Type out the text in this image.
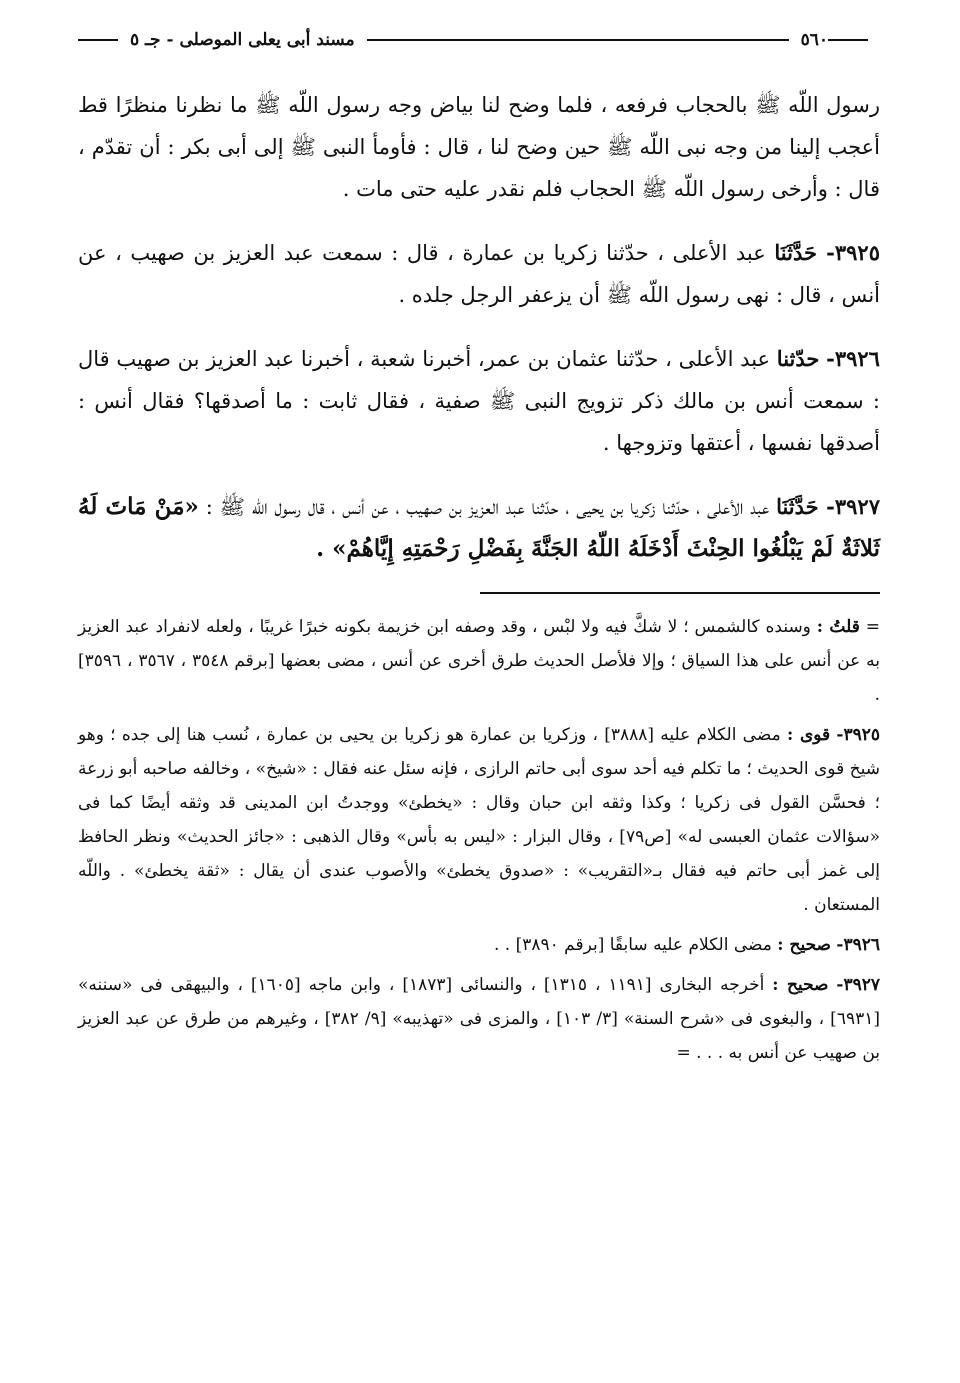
٥٦٠
مسند أبى يعلى الموصلى - جـ ٥

رسول اللّه ﷺ بالحجاب فرفعه ، فلما وضح لنا بياض وجه رسول اللّه ﷺ ما نظرنا منظرًا قط أعجب إلينا من وجه نبى اللّه ﷺ حين وضح لنا ، قال : فأومأ النبى ﷺ إلى أبى بكر : أن تقدّم ، قال : وأرخى رسول اللّه ﷺ الحجاب فلم نقدر عليه حتى مات .

٣٩٢٥- حَدَّثَنَا عبد الأعلى ، حدّثنا زكريا بن عمارة ، قال : سمعت عبد العزيز بن صهيب ، عن أنس ، قال : نهى رسول اللّه ﷺ أن يزعفر الرجل جلده .

٣٩٢٦- حدّثنا عبد الأعلى ، حدّثنا عثمان بن عمر، أخبرنا شعبة ، أخبرنا عبد العزيز بن صهيب قال : سمعت أنس بن مالك ذكر تزويج النبى ﷺ صفية ، فقال ثابت : ما أصدقها؟ فقال أنس : أصدقها نفسها ، أعتقها وتزوجها .

٣٩٢٧- حَدَّثَنَا عبد الأعلى ، حدّثنا زكريا بن يحيى ، حدّثنا عبد العزيز بن صهيب ، عن أنس ، قال رسول اللّه ﷺ : «مَنْ مَاتَ لَهُ ثَلاثَةٌ لَمْ يَبْلُغُوا الحِنْثَ أَدْخَلَهُ اللّهُ الجَنَّةَ بِفَضْلِ رَحْمَتِهِ إِيَّاهُمْ» .

= قلتُ : وسنده كالشمس ؛ لا شكَّ فيه ولا لبْس ، وقد وصفه ابن خزيمة بكونه خبرًا غريبًا ، ولعله لانفراد عبد العزيز به عن أنس على هذا السياق ؛ وإلا فلأصل الحديث طرق أخرى عن أنس ، مضى بعضها [برقم ٣٥٤٨ ، ٣٥٦٧ ، ٣٥٩٦] .

٣٩٢٥- قوى : مضى الكلام عليه [٣٨٨٨] ، وزكريا بن عمارة هو زكريا بن يحيى بن عمارة ، نُسب هنا إلى جده ؛ وهو شيخ قوى الحديث ؛ ما تكلم فيه أحد سوى أبى حاتم الرازى ، فإنه سئل عنه فقال : «شيخ» ، وخالفه صاحبه أبو زرعة ؛ فحسَّن القول فى زكريا ؛ وكذا وثقه ابن حبان وقال : «يخطئ» ووجدتُ ابن المدينى قد وثقه أيضًا كما فى «سؤالات عثمان العبسى له» [ص٧٩] ، وقال البزار : «ليس به بأس» وقال الذهبى : «جائز الحديث» ونظر الحافظ إلى غمز أبى حاتم فيه فقال بـ«التقريب» : «صدوق يخطئ» والأصوب عندى أن يقال : «ثقة يخطئ» . واللّه المستعان .

٣٩٢٦- صحيح : مضى الكلام عليه سابقًا [برقم ٣٨٩٠] . .

٣٩٢٧- صحيح : أخرجه البخارى [١١٩١ ، ١٣١٥] ، والنسائى [١٨٧٣] ، وابن ماجه [١٦٠٥] ، والبيهقى فى «سننه» [٦٩٣١] ، والبغوى فى «شرح السنة» [٣/ ١٠٣] ، والمزى فى «تهذيبه» [٩/ ٣٨٢] ، وغيرهم من طرق عن عبد العزيز بن صهيب عن أنس به . . . =
